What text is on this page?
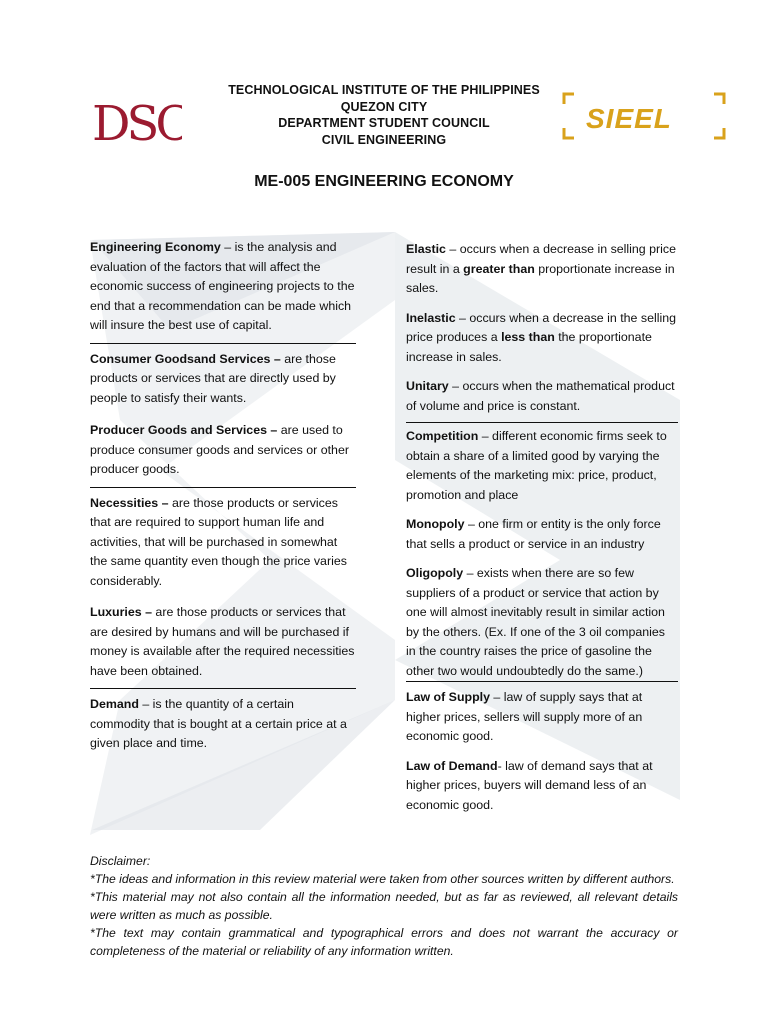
DSC	SIEEL
TECHNOLOGICAL INSTITUTE OF THE PHILIPPINES
QUEZON CITY
DEPARTMENT STUDENT COUNCIL
CIVIL ENGINEERING
ME-005 ENGINEERING ECONOMY

Engineering Economy – is the analysis and evaluation of the factors that will affect the economic success of engineering projects to the end that a recommendation can be made which will insure the best use of capital.

Consumer Goodsand Services – are those products or services that are directly used by people to satisfy their wants.

Producer Goods and Services – are used to produce consumer goods and services or other producer goods.

Necessities – are those products or services that are required to support human life and activities, that will be purchased in somewhat the same quantity even though the price varies considerably.

Luxuries – are those products or services that are desired by humans and will be purchased if money is available after the required necessities have been obtained.

Demand – is the quantity of a certain commodity that is bought at a certain price at a given place and time.

Elastic – occurs when a decrease in selling price result in a greater than proportionate increase in sales.

Inelastic – occurs when a decrease in the selling price produces a less than the proportionate increase in sales.

Unitary – occurs when the mathematical product of volume and price is constant.

Competition – different economic firms seek to obtain a share of a limited good by varying the elements of the marketing mix: price, product, promotion and place

Monopoly – one firm or entity is the only force that sells a product or service in an industry

Oligopoly – exists when there are so few suppliers of a product or service that action by one will almost inevitably result in similar action by the others. (Ex. If one of the 3 oil companies in the country raises the price of gasoline the other two would undoubtedly do the same.)

Law of Supply – law of supply says that at higher prices, sellers will supply more of an economic good.

Law of Demand- law of demand says that at higher prices, buyers will demand less of an economic good.

Disclaimer:

*The ideas and information in this review material were taken from other sources written by different authors.

*This material may not also contain all the information needed, but as far as reviewed, all relevant details were written as much as possible.

*The text may contain grammatical and typographical errors and does not warrant the accuracy or completeness of the material or reliability of any information written.
